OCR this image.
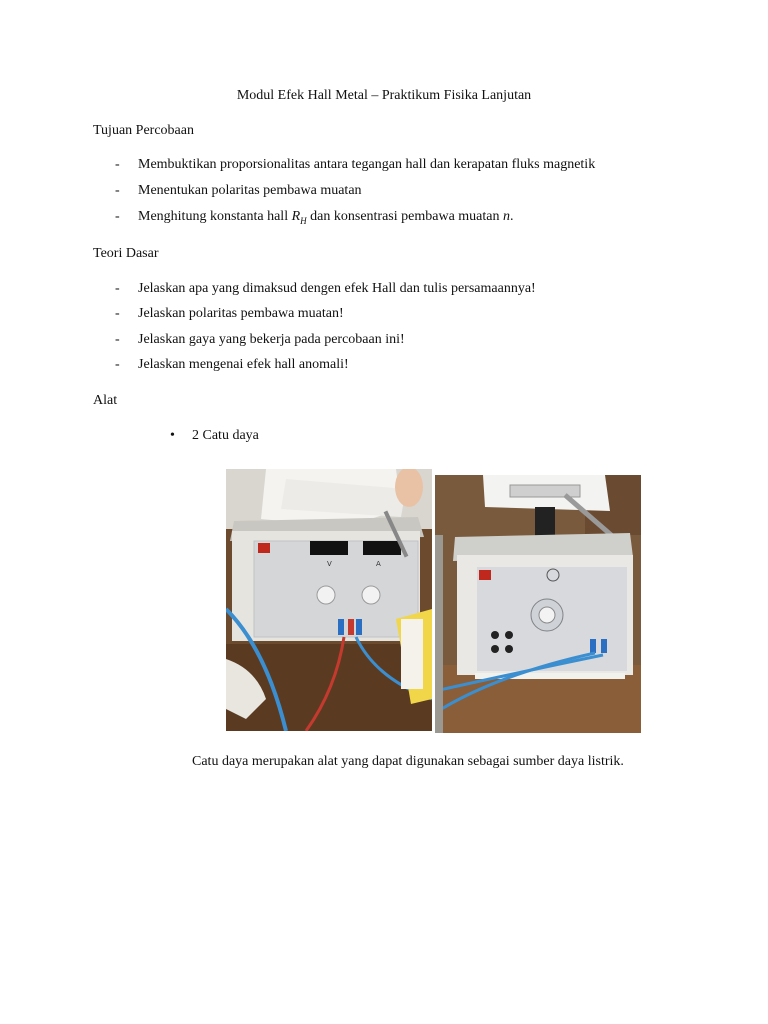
Modul Efek Hall Metal – Praktikum Fisika Lanjutan
Tujuan Percobaan
- Membuktikan proporsionalitas antara tegangan hall dan kerapatan fluks magnetik
- Menentukan polaritas pembawa muatan
- Menghitung konstanta hall $R_H$ dan konsentrasi pembawa muatan n.
Teori Dasar
- Jelaskan apa yang dimaksud dengen efek Hall dan tulis persamaannya!
- Jelaskan polaritas pembawa muatan!
- Jelaskan gaya yang bekerja pada percobaan ini!
- Jelaskan mengenai efek hall anomali!
Alat
• 2 Catu daya
V	A
Catu daya merupakan alat yang dapat digunakan sebagai sumber daya listrik.
